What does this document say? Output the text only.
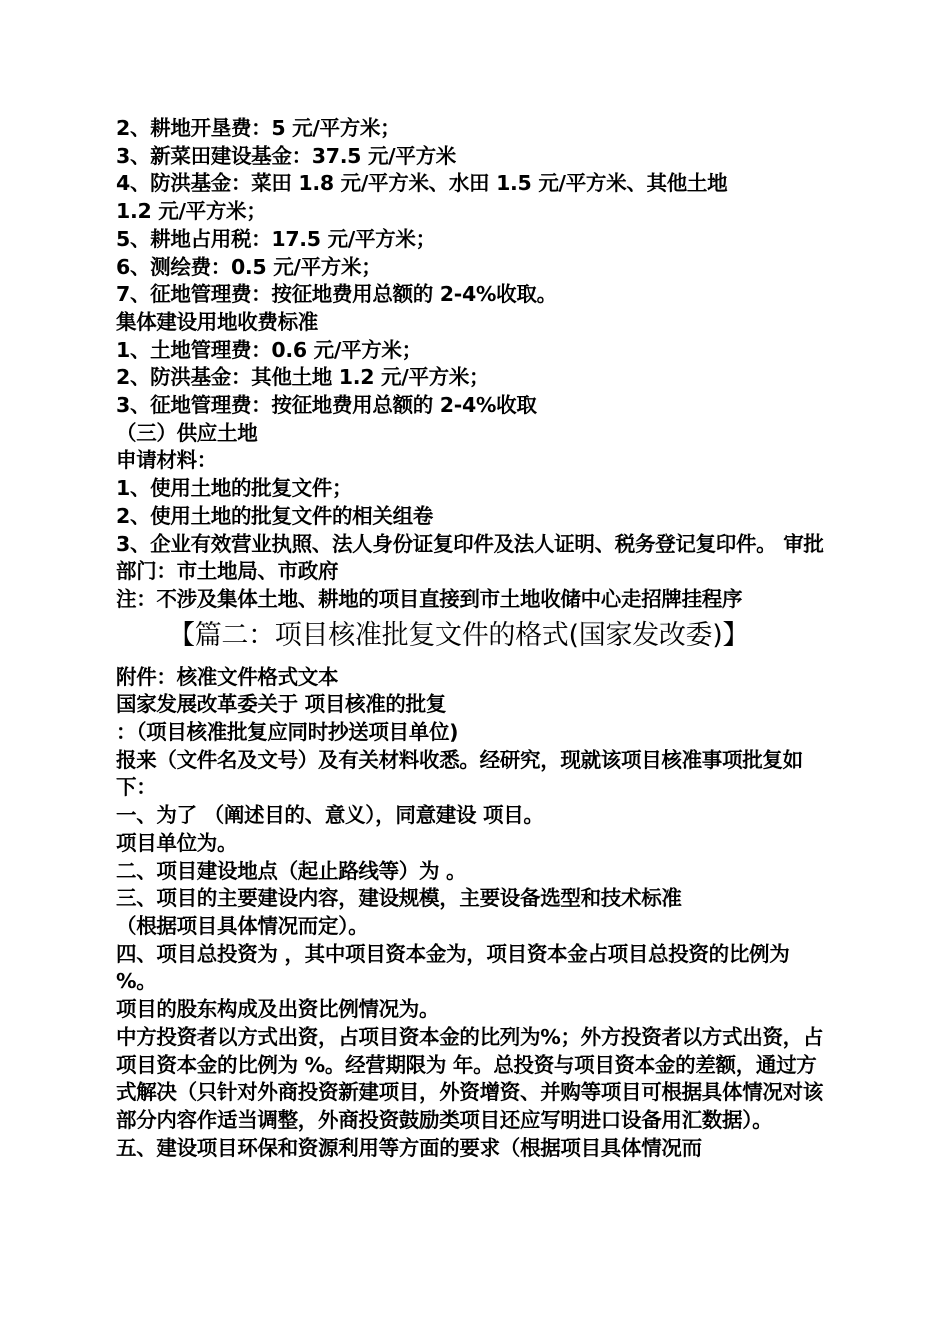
2、耕地开垦费：5 元/平方米；
3、新菜田建设基金：37.5 元/平方米
4、防洪基金：菜田 1.8 元/平方米、水田 1.5 元/平方米、其他土地
1.2 元/平方米；
5、耕地占用税：17.5 元/平方米；
6、测绘费：0.5 元/平方米；
7、征地管理费：按征地费用总额的 2-4%收取。
集体建设用地收费标准
1、土地管理费：0.6 元/平方米；
2、防洪基金：其他土地 1.2 元/平方米；
3、征地管理费：按征地费用总额的 2-4%收取
（三）供应土地
申请材料：
1、使用土地的批复文件；
2、使用土地的批复文件的相关组卷
3、企业有效营业执照、法人身份证复印件及法人证明、税务登记复印件。 审批部门：市土地局、市政府
注：不涉及集体土地、耕地的项目直接到市土地收储中心走招牌挂程序
【篇二：项目核准批复文件的格式(国家发改委)】
附件：核准文件格式文本
国家发展改革委关于 项目核准的批复
：（项目核准批复应同时抄送项目单位)
报来（文件名及文号）及有关材料收悉。经研究，现就该项目核准事项批复如下：
一、为了 （阐述目的、意义），同意建设 项目。
项目单位为。
二、项目建设地点（起止路线等）为 。
三、项目的主要建设内容，建设规模，主要设备选型和技术标准
（根据项目具体情况而定）。
四、项目总投资为 ，其中项目资本金为，项目资本金占项目总投资的比例为 %。
项目的股东构成及出资比例情况为。
中方投资者以方式出资，占项目资本金的比列为%；外方投资者以方式出资，占项目资本金的比例为 %。经营期限为 年。总投资与项目资本金的差额，通过方式解决（只针对外商投资新建项目，外资增资、并购等项目可根据具体情况对该部分内容作适当调整，外商投资鼓励类项目还应写明进口设备用汇数据）。
五、建设项目环保和资源利用等方面的要求（根据项目具体情况而
